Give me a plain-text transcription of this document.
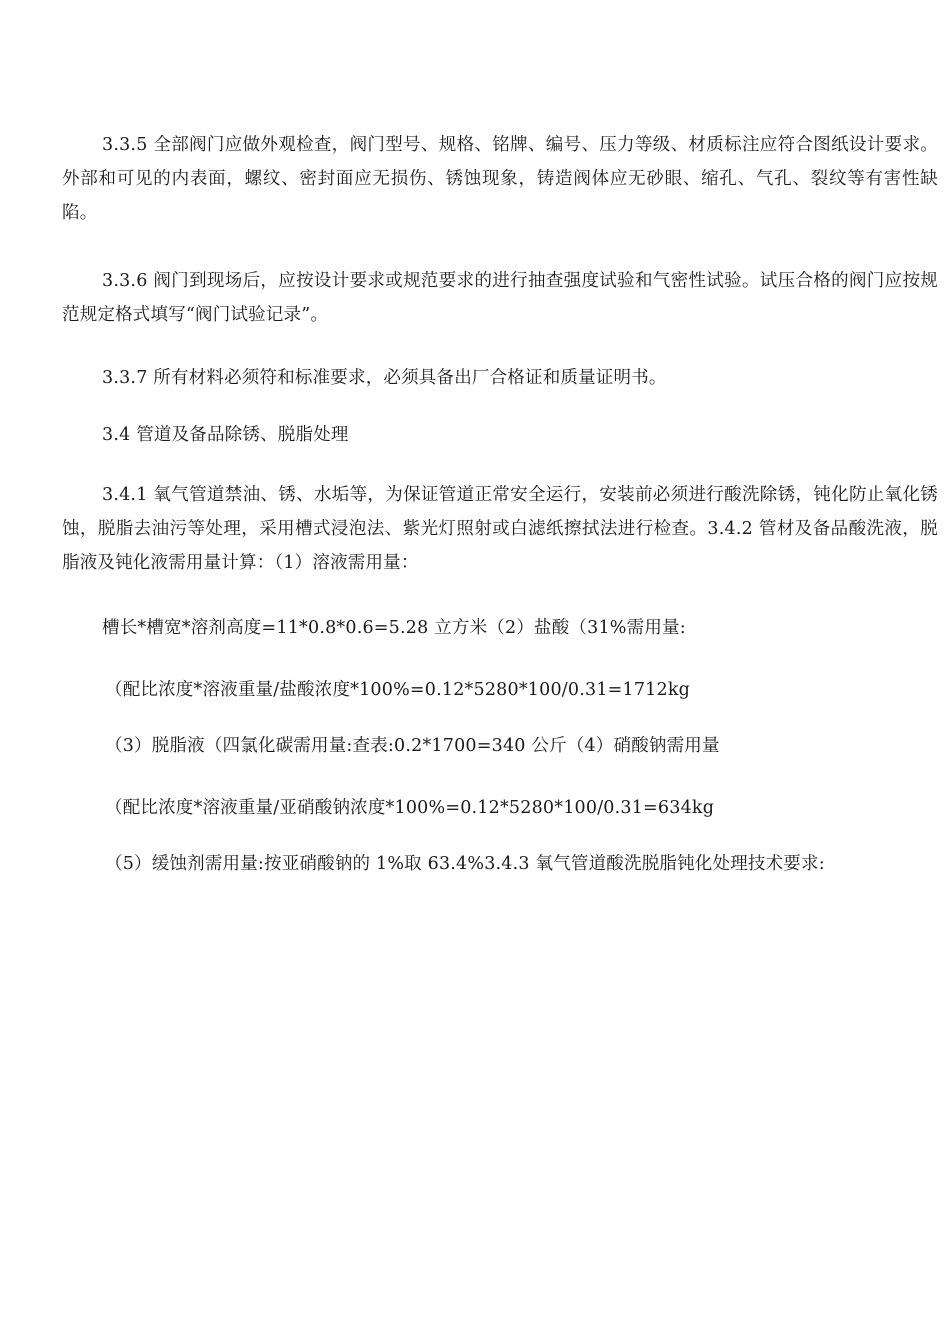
3.3.5 全部阀门应做外观检查，阀门型号、规格、铭牌、编号、压力等级、材质标注应符合图纸设计要求。外部和可见的内表面，螺纹、密封面应无损伤、锈蚀现象，铸造阀体应无砂眼、缩孔、气孔、裂纹等有害性缺陷。

3.3.6 阀门到现场后，应按设计要求或规范要求的进行抽查强度试验和气密性试验。试压合格的阀门应按规范规定格式填写“阀门试验记录”。

3.3.7 所有材料必须符和标准要求，必须具备出厂合格证和质量证明书。

3.4 管道及备品除锈、脱脂处理

3.4.1 氧气管道禁油、锈、水垢等，为保证管道正常安全运行，安装前必须进行酸洗除锈，钝化防止氧化锈蚀，脱脂去油污等处理，采用槽式浸泡法、紫光灯照射或白滤纸擦拭法进行检查。3.4.2 管材及备品酸洗液，脱脂液及钝化液需用量计算：（1）溶液需用量：

槽长*槽宽*溶剂高度=11*0.8*0.6=5.28 立方米（2）盐酸（31%需用量:

（配比浓度*溶液重量/盐酸浓度*100%=0.12*5280*100/0.31=1712kg

（3）脱脂液（四氯化碳需用量:查表:0.2*1700=340 公斤（4）硝酸钠需用量

（配比浓度*溶液重量/亚硝酸钠浓度*100%=0.12*5280*100/0.31=634kg

（5）缓蚀剂需用量:按亚硝酸钠的 1%取 63.4%3.4.3 氧气管道酸洗脱脂钝化处理技术要求:
